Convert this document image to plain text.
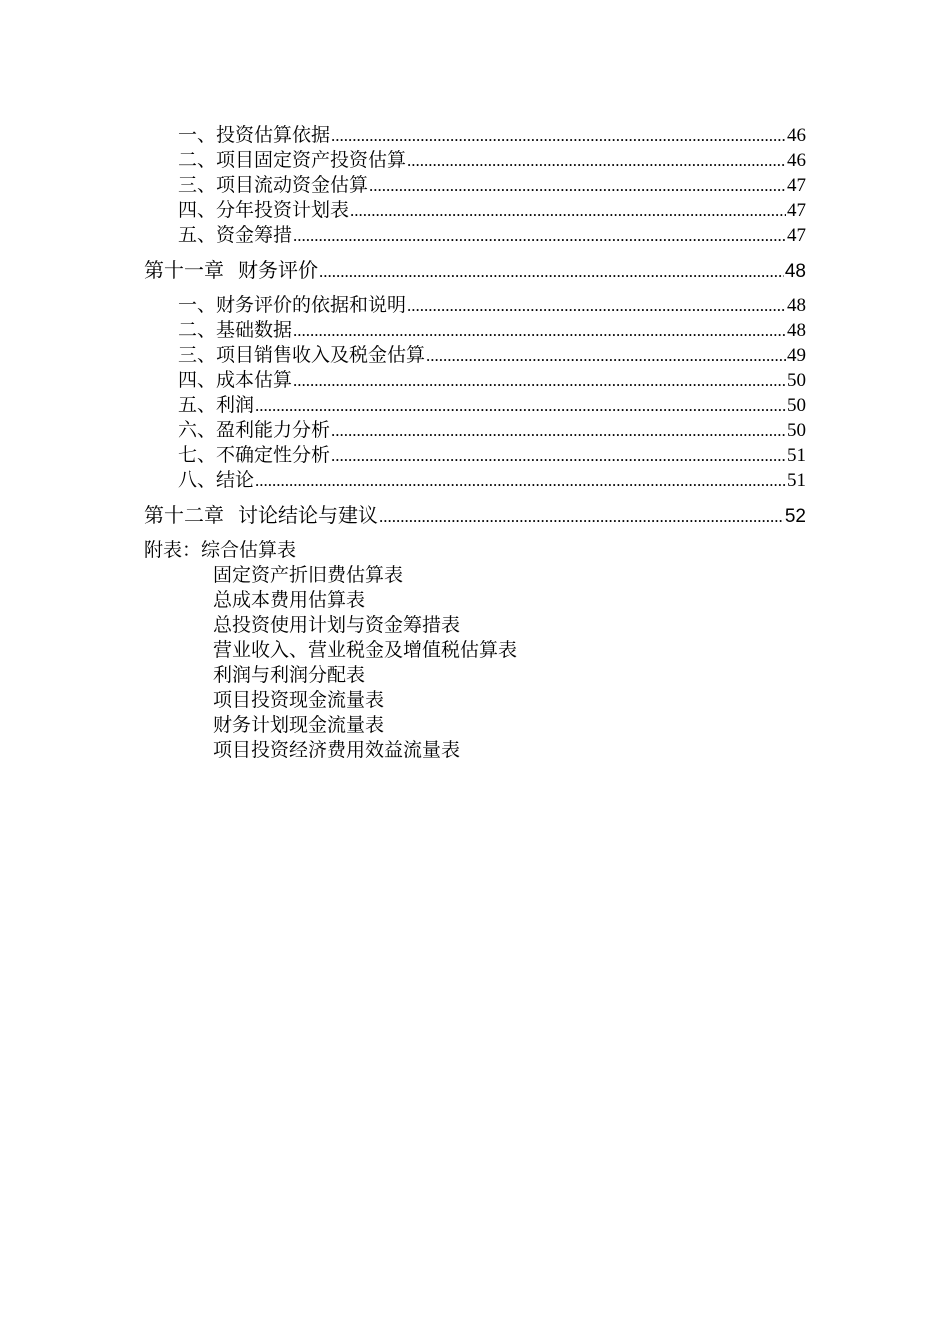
一、投资估算依据 .....	46
二、项目固定资产投资估算 .....	46
三、项目流动资金估算 .....	47
四、分年投资计划表 .....	47
五、资金筹措 .....	47
第十一章 财务评价 .....	48
一、财务评价的依据和说明 .....	48
二、基础数据 .....	48
三、项目销售收入及税金估算 .....	49
四、成本估算 .....	50
五、利润 .....	50
六、盈利能力分析 .....	50
七、不确定性分析 .....	51
八、结论 .....	51
第十二章 讨论结论与建议 .....	52
附表：综合估算表
固定资产折旧费估算表
总成本费用估算表
总投资使用计划与资金筹措表
营业收入、营业税金及增值税估算表
利润与利润分配表
项目投资现金流量表
财务计划现金流量表
项目投资经济费用效益流量表
